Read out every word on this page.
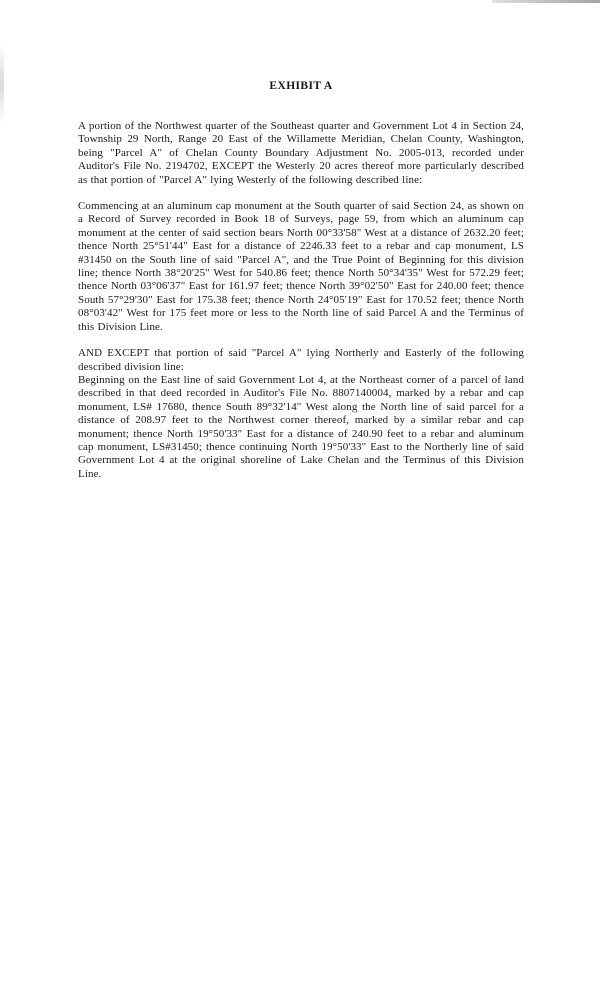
EXHIBIT A

A portion of the Northwest quarter of the Southeast quarter and Government Lot 4 in Section 24, Township 29 North, Range 20 East of the Willamette Meridian, Chelan County, Washington, being "Parcel A" of Chelan County Boundary Adjustment No. 2005-013, recorded under Auditor's File No. 2194702, EXCEPT the Westerly 20 acres thereof more particularly described as that portion of "Parcel A" lying Westerly of the following described line:

Commencing at an aluminum cap monument at the South quarter of said Section 24, as shown on a Record of Survey recorded in Book 18 of Surveys, page 59, from which an aluminum cap monument at the center of said section bears North 00°33'58" West at a distance of 2632.20 feet; thence North 25°51'44" East for a distance of 2246.33 feet to a rebar and cap monument, LS #31450 on the South line of said "Parcel A", and the True Point of Beginning for this division line; thence North 38°20'25" West for 540.86 feet; thence North 50°34'35" West for 572.29 feet; thence North 03°06'37" East for 161.97 feet; thence North 39°02'50" East for 240.00 feet; thence South 57°29'30" East for 175.38 feet; thence North 24°05'19" East for 170.52 feet; thence North 08°03'42" West for 175 feet more or less to the North line of said Parcel A and the Terminus of this Division Line.

AND EXCEPT that portion of said "Parcel A" lying Northerly and Easterly of the following described division line:

Beginning on the East line of said Government Lot 4, at the Northeast corner of a parcel of land described in that deed recorded in Auditor's File No. 8807140004, marked by a rebar and cap monument, LS# 17680, thence South 89°32'14" West along the North line of said parcel for a distance of 208.97 feet to the Northwest corner thereof, marked by a similar rebar and cap monument; thence North 19°50'33" East for a distance of 240.90 feet to a rebar and aluminum cap monument, LS#31450; thence continuing North 19°50'33" East to the Northerly line of said Government Lot 4 at the original shoreline of Lake Chelan and the Terminus of this Division Line.
